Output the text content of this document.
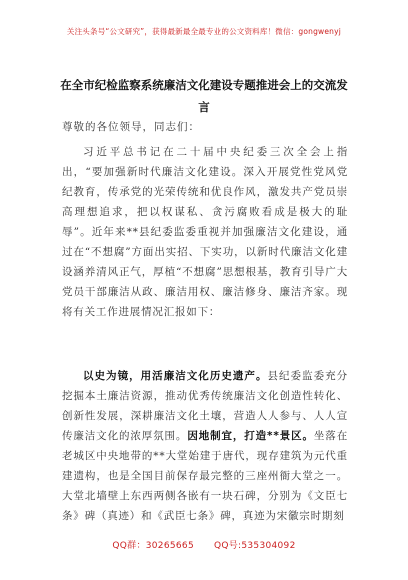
关注头条号“公文研究”，获得最新最全最专业的公文资料库！微信：gongwenyj
在全市纪检监察系统廉洁文化建设专题推进会上的交流发言
尊敬的各位领导，同志们：
习近平总书记在二十届中央纪委三次全会上指出，“要加强新时代廉洁文化建设。深入开展党性党风党纪教育，传承党的光荣传统和优良作风，激发共产党员崇高理想追求，把以权谋私、贪污腐败看成是极大的耻辱”。近年来**县纪委监委重视并加强廉洁文化建设，通过在“不想腐”方面出实招、下实功，以新时代廉洁文化建设涵养清风正气，厚植“不想腐”思想根基，教育引导广大党员干部廉洁从政、廉洁用权、廉洁修身、廉洁齐家。现将有关工作进展情况汇报如下：
以史为镜，用活廉洁文化历史遗产。县纪委监委充分挖掘本土廉洁资源，推动优秀传统廉洁文化创造性转化、创新性发展，深耕廉洁文化土壤，营造人人参与、人人宣传廉洁文化的浓厚氛围。因地制宜，打造**景区。坐落在老城区中央地带的**大堂始建于唐代，现存建筑为元代重建遗构，也是全国目前保存最完整的三座州衙大堂之一。大堂北墙壁上东西两侧各嵌有一块石碑，分别为《文臣七条》碑（真迹）和《武臣七条》碑，真迹为宋徽宗时期刻
QQ群：30265665 QQ号:535304092
